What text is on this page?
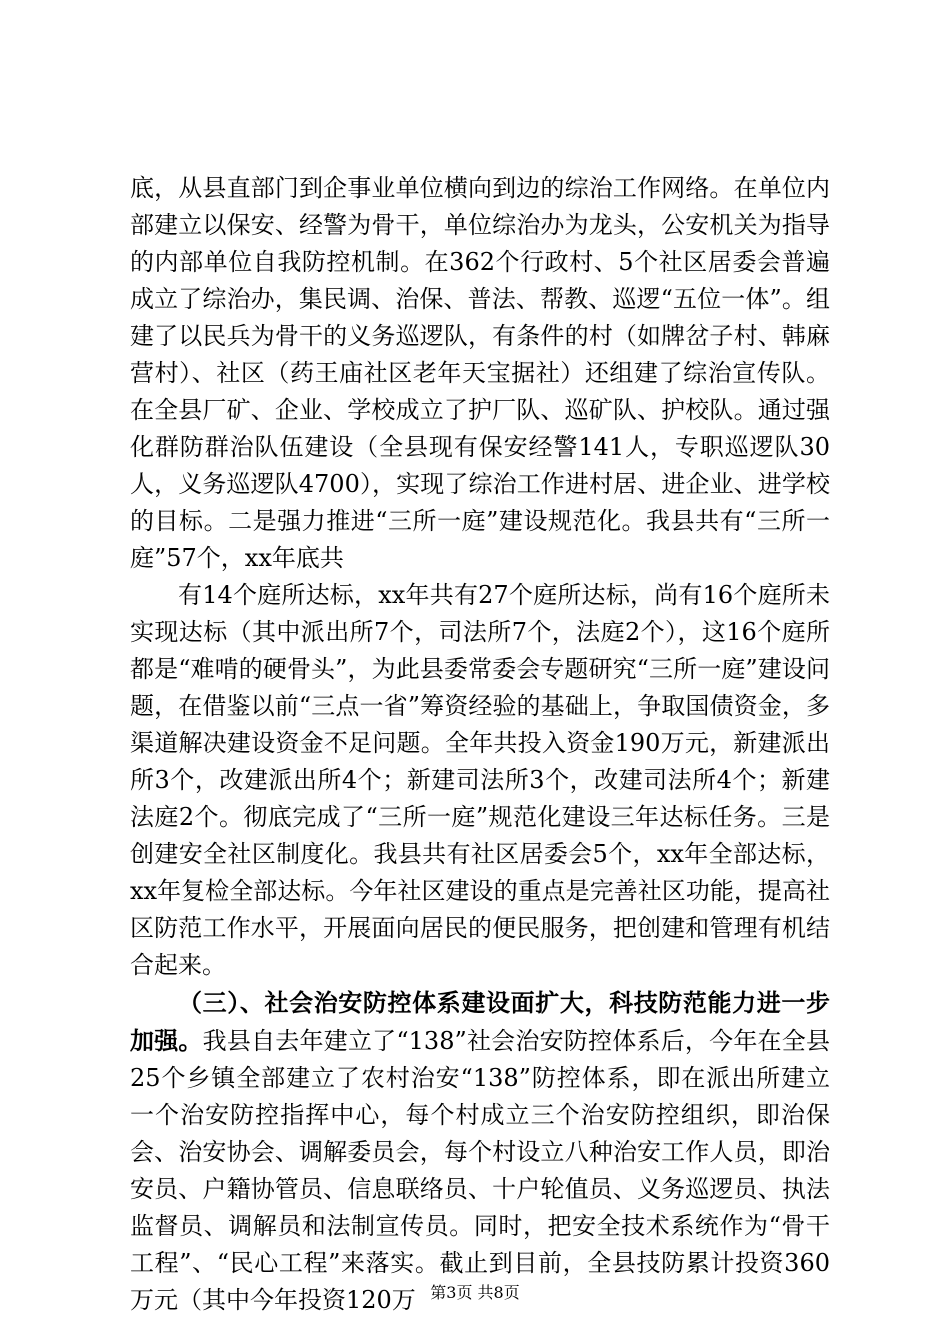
底，从县直部门到企事业单位横向到边的综治工作网络。在单位内部建立以保安、经警为骨干，单位综治办为龙头，公安机关为指导的内部单位自我防控机制。在362个行政村、5个社区居委会普遍成立了综治办，集民调、治保、普法、帮教、巡逻“五位一体”。组建了以民兵为骨干的义务巡逻队，有条件的村（如牌岔子村、韩麻营村）、社区（药王庙社区老年天宝据社）还组建了综治宣传队。在全县厂矿、企业、学校成立了护厂队、巡矿队、护校队。通过强化群防群治队伍建设（全县现有保安经警141人，专职巡逻队30人，义务巡逻队4700），实现了综治工作进村居、进企业、进学校的目标。二是强力推进“三所一庭”建设规范化。我县共有“三所一庭”57个，xx年底共

有14个庭所达标，xx年共有27个庭所达标，尚有16个庭所未实现达标（其中派出所7个，司法所7个，法庭2个），这16个庭所都是“难啃的硬骨头”，为此县委常委会专题研究“三所一庭”建设问题，在借鉴以前“三点一省”筹资经验的基础上，争取国债资金，多渠道解决建设资金不足问题。全年共投入资金190万元，新建派出所3个，改建派出所4个；新建司法所3个，改建司法所4个；新建法庭2个。彻底完成了“三所一庭”规范化建设三年达标任务。三是创建安全社区制度化。我县共有社区居委会5个，xx年全部达标，xx年复检全部达标。今年社区建设的重点是完善社区功能，提高社区防范工作水平，开展面向居民的便民服务，把创建和管理有机结合起来。

（三）、社会治安防控体系建设面扩大，科技防范能力进一步加强。我县自去年建立了“138”社会治安防控体系后，今年在全县25个乡镇全部建立了农村治安“138”防控体系，即在派出所建立一个治安防控指挥中心，每个村成立三个治安防控组织，即治保会、治安协会、调解委员会，每个村设立八种治安工作人员，即治安员、户籍协管员、信息联络员、十户轮值员、义务巡逻员、执法监督员、调解员和法制宣传员。同时，把安全技术系统作为“骨干工程”、“民心工程”来落实。截止到目前，全县技防累计投资360万元（其中今年投资120万 第3页 共8页
